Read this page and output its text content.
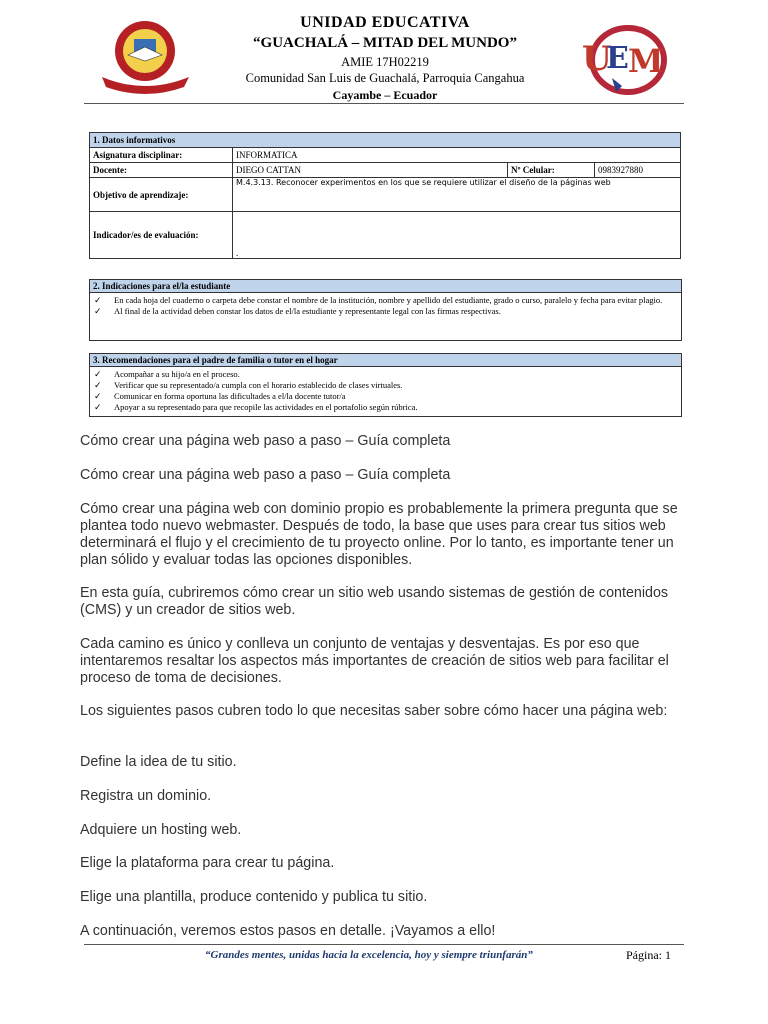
U
E M
UNIDAD EDUCATIVA
“GUACHALÁ – MITAD DEL MUNDO”
AMIE 17H02219
Comunidad San Luis de Guachalá, Parroquia Cangahua
Cayambe – Ecuador
1. Datos informativos			
Asignatura disciplinar:	INFORMATICA		
Docente:	DIEGO CATTAN	Nº Celular:	0983927880
Objetivo de aprendizaje:	M.4.3.13. Reconocer experimentos en los que se requiere utilizar el diseño de la páginas web		
Indicador/es de evaluación:	.		
2. Indicaciones para el/la estudiante
✓ En cada hoja del cuaderno o carpeta debe constar el nombre de la institución, nombre y apellido del estudiante, grado o curso, paralelo y fecha para evitar plagio.
✓ Al final de la actividad deben constar los datos de el/la estudiante y representante legal con las firmas respectivas.
3. Recomendaciones para el padre de familia o tutor en el hogar
✓ Acompañar a su hijo/a en el proceso.
✓ Verificar que su representado/a cumpla con el horario establecido de clases virtuales.
✓ Comunicar en forma oportuna las dificultades a el/la docente tutor/a
✓ Apoyar a su representado para que recopile las actividades en el portafolio según rúbrica.
Cómo crear una página web paso a paso – Guía completa
Cómo crear una página web paso a paso – Guía completa
Cómo crear una página web con dominio propio es probablemente la primera pregunta que se plantea todo nuevo webmaster. Después de todo, la base que uses para crear tus sitios web determinará el flujo y el crecimiento de tu proyecto online. Por lo tanto, es importante tener un plan sólido y evaluar todas las opciones disponibles.
En esta guía, cubriremos cómo crear un sitio web usando sistemas de gestión de contenidos (CMS) y un creador de sitios web.
Cada camino es único y conlleva un conjunto de ventajas y desventajas. Es por eso que intentaremos resaltar los aspectos más importantes de creación de sitios web para facilitar el proceso de toma de decisiones.
Los siguientes pasos cubren todo lo que necesitas saber sobre cómo hacer una página web:
Define la idea de tu sitio.
Registra un dominio.
Adquiere un hosting web.
Elige la plataforma para crear tu página.
Elige una plantilla, produce contenido y publica tu sitio.
A continuación, veremos estos pasos en detalle. ¡Vayamos a ello!
“Grandes mentes, unidas hacia la excelencia, hoy y siempre triunfarán”	Página: 1
